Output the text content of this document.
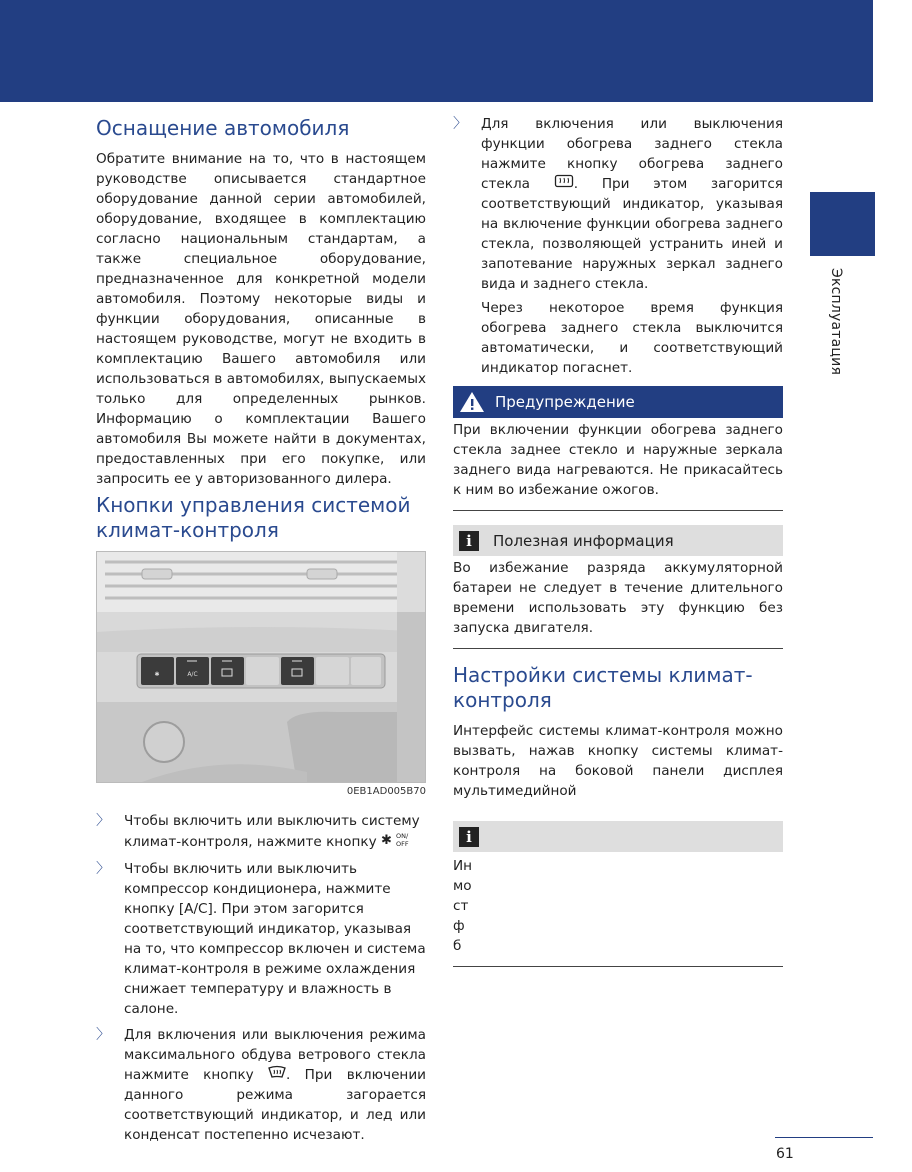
Эксплуатация
Оснащение автомобиля

Обратите внимание на то, что в настоящем руководстве описывается стандартное оборудование данной серии автомобилей, оборудование, входящее в комплектацию согласно национальным стандартам, а также специальное оборудование, предназначенное для конкретной модели автомобиля. Поэтому некоторые виды и функции оборудования, описанные в настоящем руководстве, могут не входить в комплектацию Вашего автомобиля или использоваться в автомобилях, выпускаемых только для определенных рынков. Информацию о комплектации Вашего автомобиля Вы можете найти в документах, предоставленных при его покупке, или запросить ее у авторизованного дилера.

Кнопки управления системой климат-контроля
✱	A/C
0EB1AD005B70
〉 Чтобы включить или выключить систему климат-контроля, нажмите кнопку ✱ ON/
OFF
〉 Чтобы включить или выключить компрессор кондиционера, нажмите кнопку [A/C]. При этом загорится соответствующий индикатор, указывая на то, что компрессор включен и система климат-контроля в режиме охлаждения снижает температуру и влажность в салоне.
〉 Для включения или выключения режима максимального обдува ветрового стекла нажмите кнопку . При включении данного режима загорается соответствующий индикатор, и лед или конденсат постепенно исчезают.
〉 Для включения или выключения функции обогрева заднего стекла нажмите кнопку обогрева заднего стекла	. При этом загорится соответствующий индикатор, указывая на включение функции обогрева заднего стекла, позволяющей устранить иней и запотевание наружных зеркал заднего вида и заднего стекла.

Через некоторое время функция обогрева заднего стекла выключится автоматически, и соответствующий индикатор погаснет.

Предупреждение
При включении функции обогрева заднего стекла заднее стекло и наружные зеркала заднего вида нагреваются. Не прикасайтесь к ним во избежание ожогов.
i	Полезная информация
Во избежание разряда аккумуляторной батареи не следует в течение длительного времени использовать эту функцию без запуска двигателя.
Настройки системы климат-контроля

Интерфейс системы климат-контроля можно вызвать, нажав кнопку системы климат-контроля на боковой панели дисплея мультимедийной

i
Ин
мо
ст
ф
б
61
